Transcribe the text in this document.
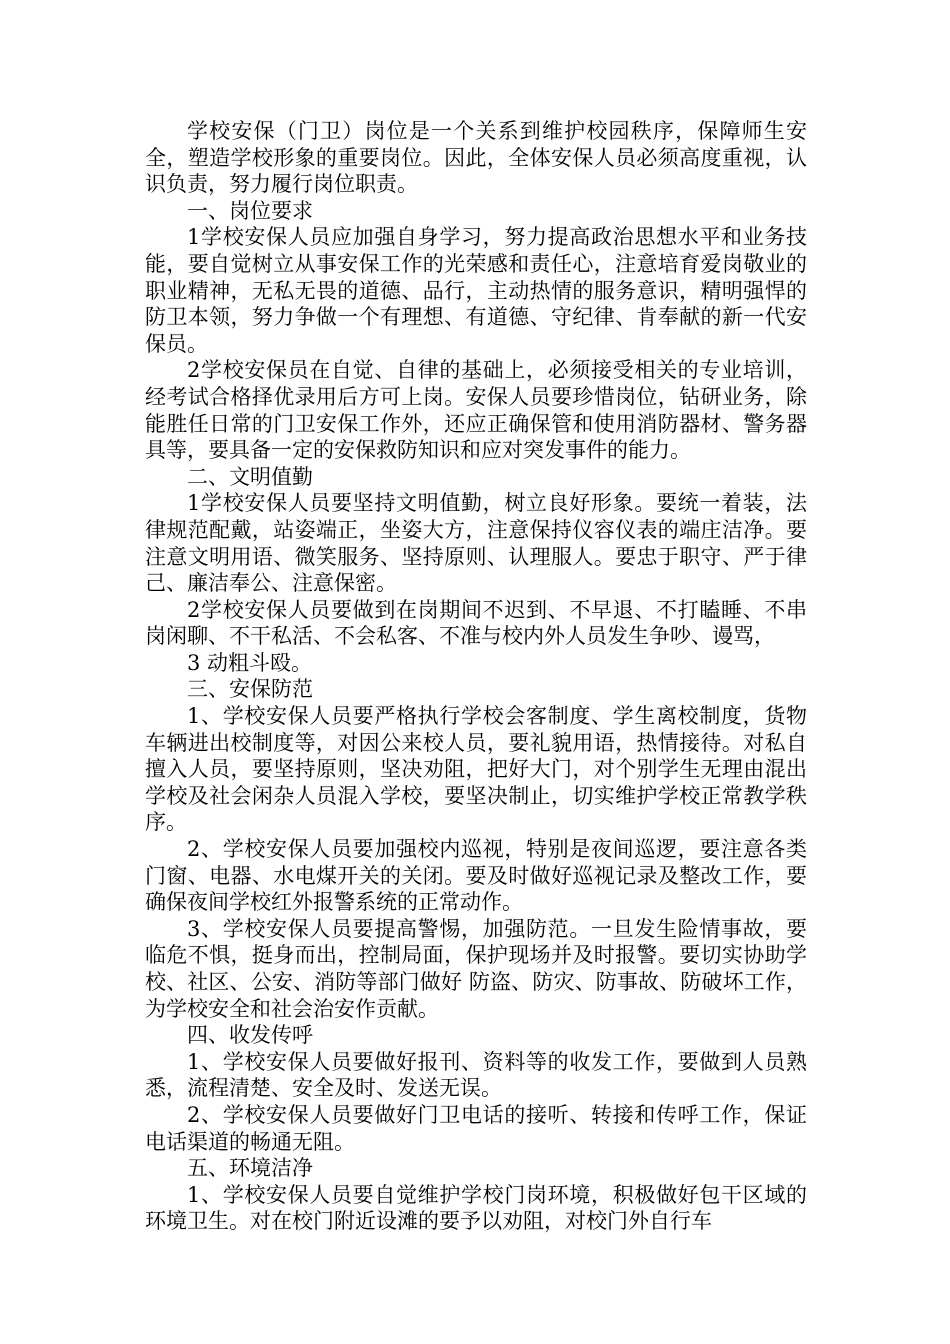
学校安保（门卫）岗位是一个关系到维护校园秩序，保障师生安全，塑造学校形象的重要岗位。因此，全体安保人员必须高度重视，认识负责，努力履行岗位职责。

一、岗位要求

1学校安保人员应加强自身学习，努力提高政治思想水平和业务技能，要自觉树立从事安保工作的光荣感和责任心，注意培育爱岗敬业的职业精神，无私无畏的道德、品行，主动热情的服务意识，精明强悍的防卫本领，努力争做一个有理想、有道德、守纪律、肯奉献的新一代安保员。

2学校安保员在自觉、自律的基础上，必须接受相关的专业培训，经考试合格择优录用后方可上岗。安保人员要珍惜岗位，钻研业务，除能胜任日常的门卫安保工作外，还应正确保管和使用消防器材、警务器具等，要具备一定的安保救防知识和应对突发事件的能力。

二、文明值勤

1学校安保人员要坚持文明值勤，树立良好形象。要统一着装，法律规范配戴，站姿端正，坐姿大方，注意保持仪容仪表的端庄洁净。要注意文明用语、微笑服务、坚持原则、认理服人。要忠于职守、严于律己、廉洁奉公、注意保密。

2学校安保人员要做到在岗期间不迟到、不早退、不打瞌睡、不串岗闲聊、不干私活、不会私客、不准与校内外人员发生争吵、谩骂，

3 动粗斗殴。

三、安保防范

1、学校安保人员要严格执行学校会客制度、学生离校制度，货物车辆进出校制度等，对因公来校人员，要礼貌用语，热情接待。对私自擅入人员，要坚持原则，坚决劝阻，把好大门，对个别学生无理由混出学校及社会闲杂人员混入学校，要坚决制止，切实维护学校正常教学秩序。

2、学校安保人员要加强校内巡视，特别是夜间巡逻，要注意各类门窗、电器、水电煤开关的关闭。要及时做好巡视记录及整改工作，要确保夜间学校红外报警系统的正常动作。

3、学校安保人员要提高警惕，加强防范。一旦发生险情事故，要临危不惧，挺身而出，控制局面，保护现场并及时报警。要切实协助学校、社区、公安、消防等部门做好 防盗、防灾、防事故、防破坏工作，为学校安全和社会治安作贡献。

四、收发传呼

1、学校安保人员要做好报刊、资料等的收发工作，要做到人员熟悉，流程清楚、安全及时、发送无误。

2、学校安保人员要做好门卫电话的接听、转接和传呼工作，保证电话渠道的畅通无阻。

五、环境洁净

1、学校安保人员要自觉维护学校门岗环境，积极做好包干区域的环境卫生。对在校门附近设滩的要予以劝阻，对校门外自行车
